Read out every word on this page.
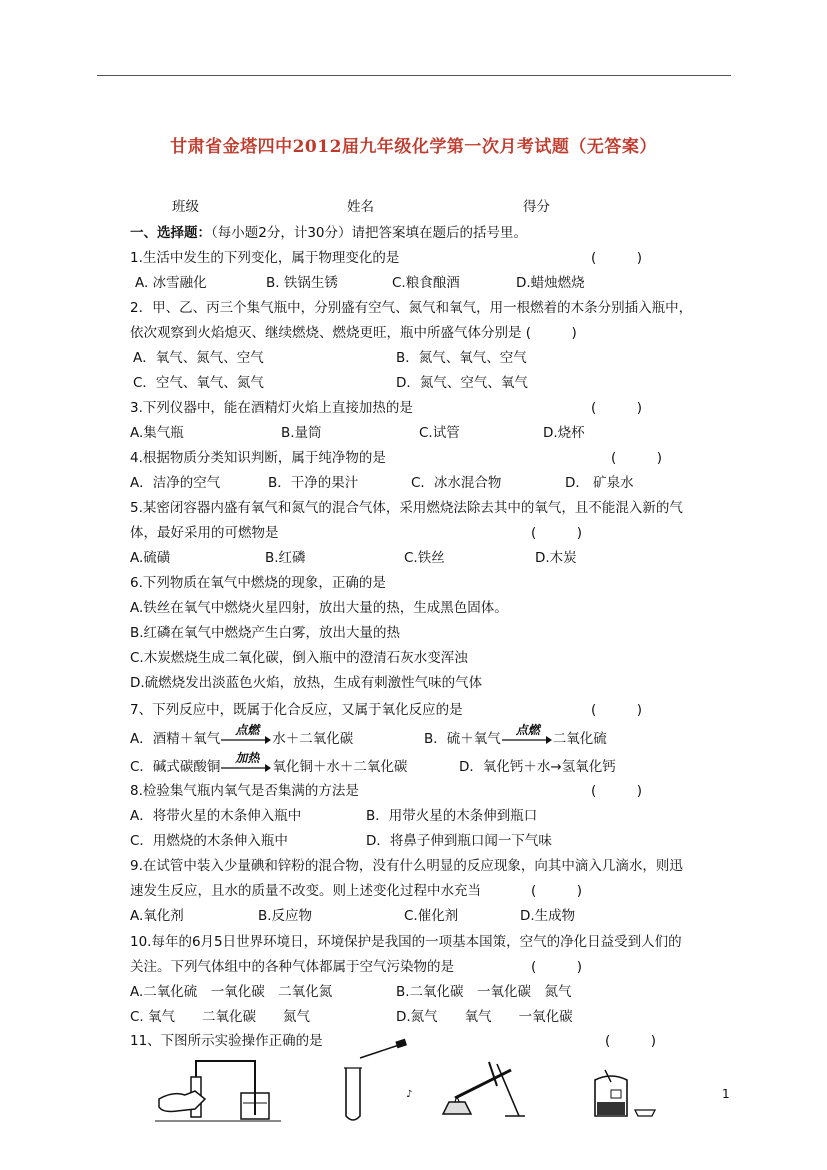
甘肃省金塔四中2012届九年级化学第一次月考试题（无答案）
班级	姓名	得分
一、选择题：（每小题2分，计30分）请把答案填在题后的括号里。
1.生活中发生的下列变化，属于物理变化的是	(　　　)
A. 冰雪融化	B. 铁锅生锈	C.粮食酿酒	D.蜡烛燃烧
2．甲、乙、丙三个集气瓶中，分别盛有空气、氮气和氧气，用一根燃着的木条分别插入瓶中，
依次观察到火焰熄灭、继续燃烧、燃烧更旺，瓶中所盛气体分别是 (　　　)
A．氧气、氮气、空气	B．氮气、氧气、空气
C．空气、氧气、氮气	D．氮气、空气、氧气
3.下列仪器中，能在酒精灯火焰上直接加热的是	(　　　)
A.集气瓶	B.量筒	C.试管	D.烧杯
4.根据物质分类知识判断，属于纯净物的是	(　　　)
A．洁净的空气	B．干净的果汁	C．冰水混合物	D． 矿泉水
5.某密闭容器内盛有氧气和氮气的混合气体，采用燃烧法除去其中的氧气，且不能混入新的气
体，最好采用的可燃物是	(　　　)
A.硫磺	B.红磷	C.铁丝	D.木炭
6.下列物质在氧气中燃烧的现象，正确的是
A.铁丝在氧气中燃烧火星四射，放出大量的热，生成黑色固体。
B.红磷在氧气中燃烧产生白雾，放出大量的热
C.木炭燃烧生成二氧化碳，倒入瓶中的澄清石灰水变浑浊
D.硫燃烧发出淡蓝色火焰，放热，生成有刺激性气味的气体
7、下列反应中，既属于化合反应，又属于氧化反应的是	(　　　)
A．酒精＋氧气
点燃
水＋二氧化碳	B．硫＋氧气
点燃
二氧化硫
C．碱式碳酸铜
加热
氧化铜＋水＋二氧化碳	D．氧化钙＋水→氢氧化钙
8.检验集气瓶内氧气是否集满的方法是	(　　　)
A．将带火星的木条伸入瓶中	B．用带火星的木条伸到瓶口
C．用燃烧的木条伸入瓶中	D．将鼻子伸到瓶口闻一下气味
9.在试管中装入少量碘和锌粉的混合物，没有什么明显的反应现象，向其中滴入几滴水，则迅
速发生反应，且水的质量不改变。则上述变化过程中水充当	(　　　)
A.氧化剂	B.反应物	C.催化剂	D.生成物
10.每年的6月5日世界环境日，环境保护是我国的一项基本国策，空气的净化日益受到人们的
关注。下列气体组中的各种气体都属于空气污染物的是	(　　　)
A.二氧化硫　一氧化碳　二氧化氮	B.二氧化碳　一氧化碳　氮气
C. 氧气　　二氧化碳　　氮气	D.氮气　　氧气　　一氧化碳
11、下图所示实验操作正确的是	(　　　)
♪	1
